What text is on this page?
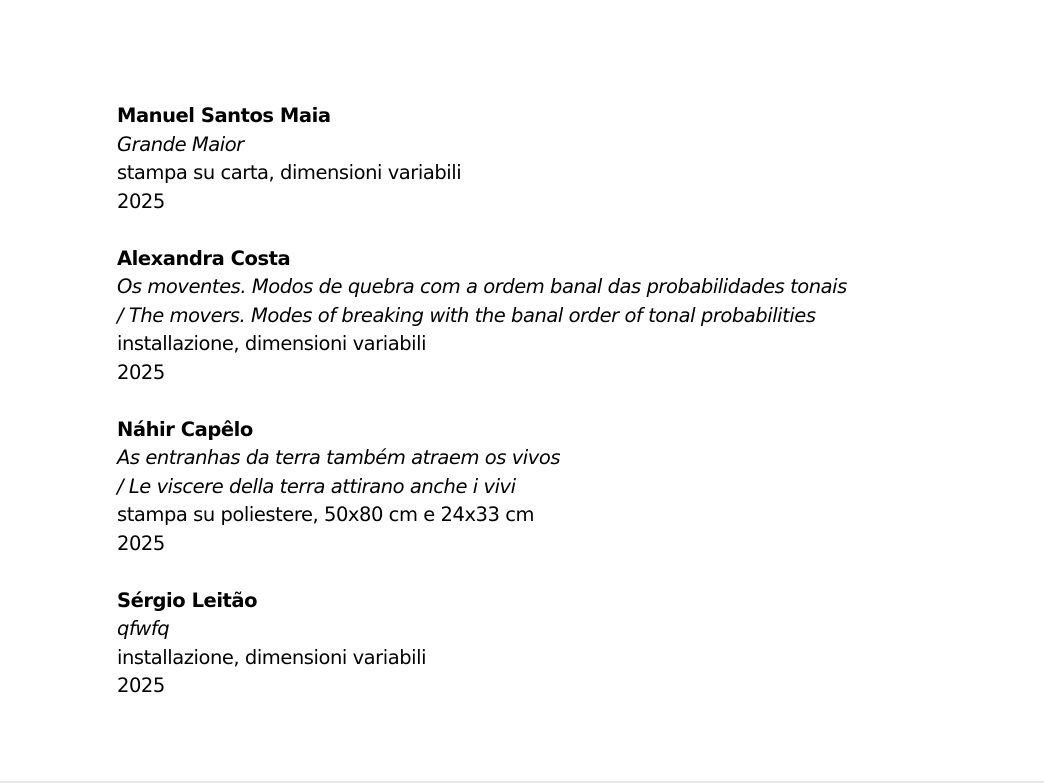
Manuel Santos Maia
Grande Maior
stampa su carta, dimensioni variabili
2025
Alexandra Costa
Os moventes. Modos de quebra com a ordem banal das probabilidades tonais
/ The movers. Modes of breaking with the banal order of tonal probabilities
installazione, dimensioni variabili
2025
Náhir Capêlo
As entranhas da terra também atraem os vivos
/ Le viscere della terra attirano anche i vivi
stampa su poliestere, 50x80 cm e 24x33 cm
2025
Sérgio Leitão
qfwfq
installazione, dimensioni variabili
2025
